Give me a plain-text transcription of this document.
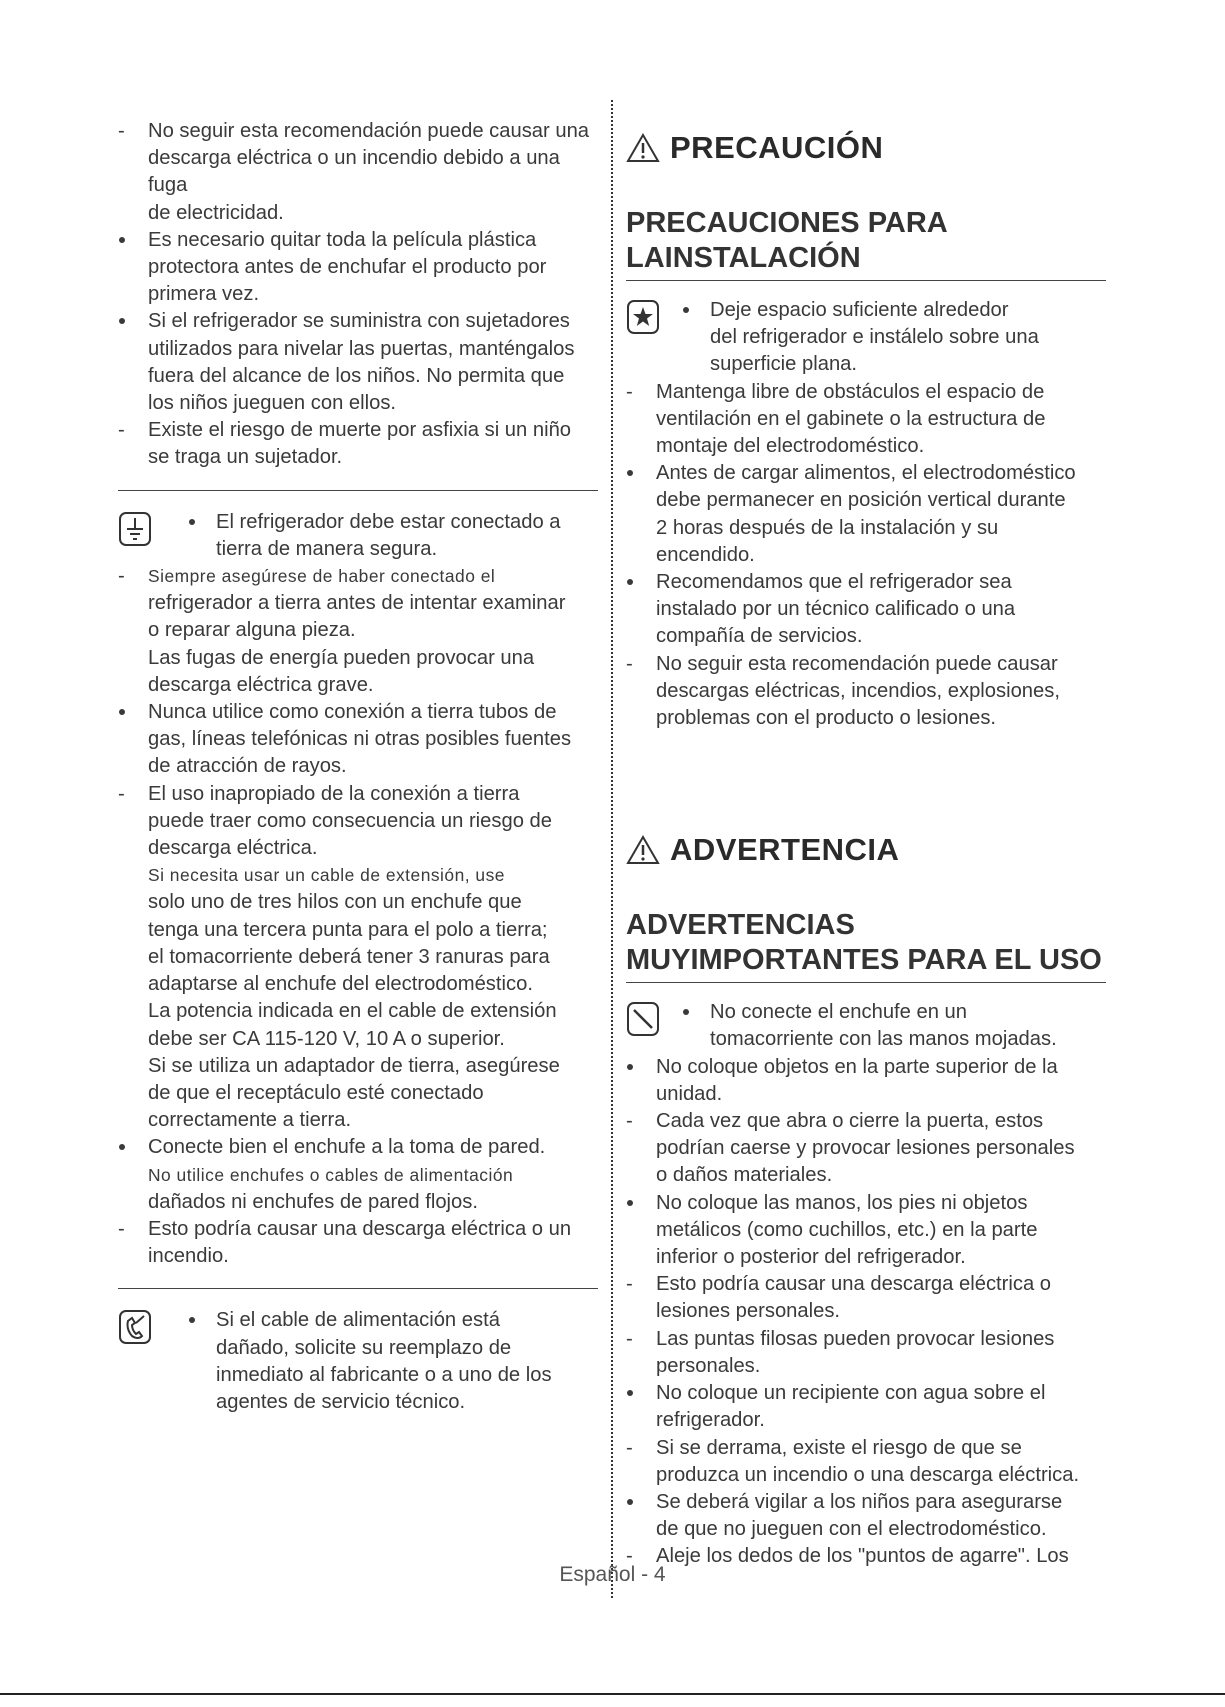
-
No seguir esta recomendación puede causar una
descarga eléctrica o un incendio debido a una fuga
de electricidad.
Es necesario quitar toda la película plástica
protectora antes de enchufar el producto por
primera vez.
Si el refrigerador se suministra con sujetadores
utilizados para nivelar las puertas, manténgalos
fuera del alcance de los niños. No permita que
los niños jueguen con ellos.
-
Existe el riesgo de muerte por asfixia si un niño
se traga un sujetador.
El refrigerador debe estar conectado a
tierra de manera segura.
-
Siempre asegúrese de haber conectado el
refrigerador a tierra antes de intentar examinar
o reparar alguna pieza.
Las fugas de energía pueden provocar una
descarga eléctrica grave.
Nunca utilice como conexión a tierra tubos de
gas, líneas telefónicas ni otras posibles fuentes
de atracción de rayos.
-
El uso inapropiado de la conexión a tierra
puede traer como consecuencia un riesgo de
descarga eléctrica.
Si necesita usar un cable de extensión, use
solo uno de tres hilos con un enchufe que
tenga una tercera punta para el polo a tierra;
el tomacorriente deberá tener 3 ranuras para
adaptarse al enchufe del electrodoméstico.
La potencia indicada en el cable de extensión
debe ser CA 115-120 V, 10 A o superior.
Si se utiliza un adaptador de tierra, asegúrese
de que el receptáculo esté conectado
correctamente a tierra.
Conecte bien el enchufe a la toma de pared.
No utilice enchufes o cables de alimentación
dañados ni enchufes de pared flojos.
-
Esto podría causar una descarga eléctrica o un
incendio.
Si el cable de alimentación está
dañado, solicite su reemplazo de
inmediato al fabricante o a uno de los
agentes de servicio técnico.
PRECAUCIÓN
PRECAUCIONES PARA LAINSTALACIÓN
Deje espacio suficiente alrededor
del refrigerador e instálelo sobre una
superficie plana.
-
Mantenga libre de obstáculos el espacio de
ventilación en el gabinete o la estructura de
montaje del electrodoméstico.
Antes de cargar alimentos, el electrodoméstico
debe permanecer en posición vertical durante
2 horas después de la instalación y su
encendido.
Recomendamos que el refrigerador sea
instalado por un técnico calificado o una
compañía de servicios.
-
No seguir esta recomendación puede causar
descargas eléctricas, incendios, explosiones,
problemas con el producto o lesiones.
ADVERTENCIA
ADVERTENCIAS MUYIMPORTANTES PARA EL USO
No conecte el enchufe en un
tomacorriente con las manos mojadas.
No coloque objetos en la parte superior de la
unidad.
-
Cada vez que abra o cierre la puerta, estos
podrían caerse y provocar lesiones personales
o daños materiales.
No coloque las manos, los pies ni objetos
metálicos (como cuchillos, etc.) en la parte
inferior o posterior del refrigerador.
-
Esto podría causar una descarga eléctrica o
lesiones personales.
-
Las puntas filosas pueden provocar lesiones
personales.
No coloque un recipiente con agua sobre el
refrigerador.
-
Si se derrama, existe el riesgo de que se
produzca un incendio o una descarga eléctrica.
Se deberá vigilar a los niños para asegurarse
de que no jueguen con el electrodoméstico.
-
Aleje los dedos de los "puntos de agarre". Los
Español - 4
